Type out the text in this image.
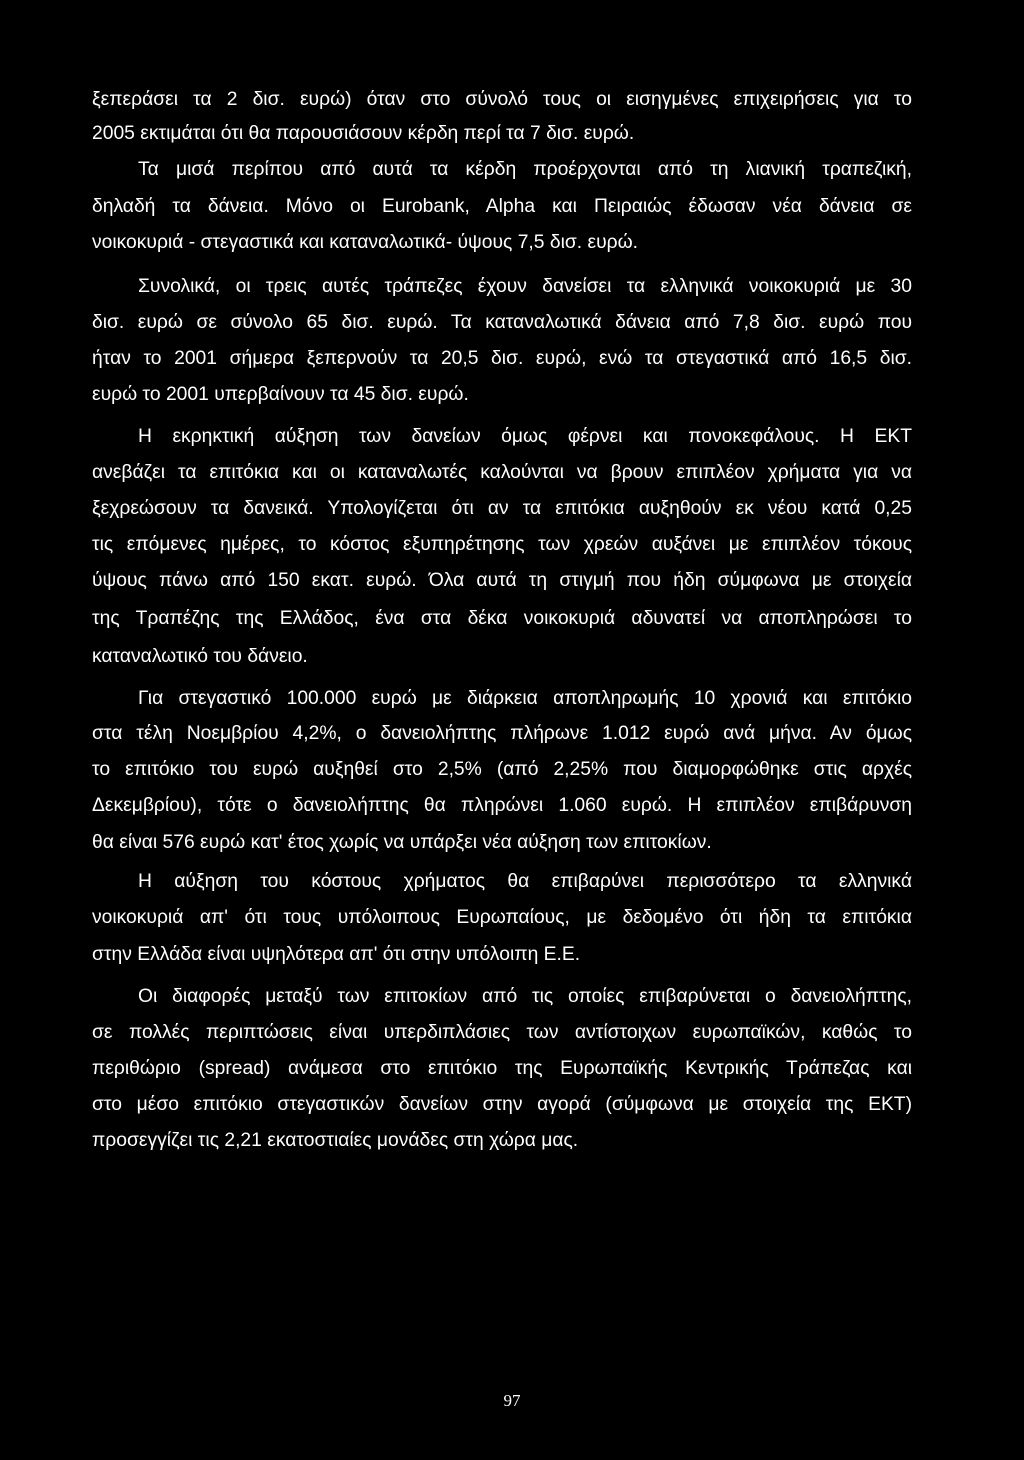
ξεπεράσει τα 2 δισ. ευρώ) όταν στο σύνολό τους οι εισηγμένες επιχειρήσεις για το

2005 εκτιμάται ότι θα παρουσιάσουν κέρδη περί τα 7 δισ. ευρώ.

Τα μισά περίπου από αυτά τα κέρδη προέρχονται από τη λιανική τραπεζική,

δηλαδή τα δάνεια. Μόνο οι Eurobank, Alpha και Πειραιώς έδωσαν νέα δάνεια σε

νοικοκυριά - στεγαστικά και καταναλωτικά- ύψους 7,5 δισ. ευρώ.

Συνολικά, οι τρεις αυτές τράπεζες έχουν δανείσει τα ελληνικά νοικοκυριά με 30

δισ. ευρώ σε σύνολο 65 δισ. ευρώ. Τα καταναλωτικά δάνεια από 7,8 δισ. ευρώ που

ήταν το 2001 σήμερα ξεπερνούν τα 20,5 δισ. ευρώ, ενώ τα στεγαστικά από 16,5 δισ.

ευρώ το 2001 υπερβαίνουν τα 45 δισ. ευρώ.

Η εκρηκτική αύξηση των δανείων όμως φέρνει και πονοκεφάλους. Η ΕΚΤ

ανεβάζει τα επιτόκια και οι καταναλωτές καλούνται να βρουν επιπλέον χρήματα για να

ξεχρεώσουν τα δανεικά. Υπολογίζεται ότι αν τα επιτόκια αυξηθούν εκ νέου κατά 0,25

τις επόμενες ημέρες, το κόστος εξυπηρέτησης των χρεών αυξάνει με επιπλέον τόκους

ύψους πάνω από 150 εκατ. ευρώ. Όλα αυτά τη στιγμή που ήδη σύμφωνα με στοιχεία

της Τραπέζης της Ελλάδος, ένα στα δέκα νοικοκυριά αδυνατεί να αποπληρώσει το

καταναλωτικό του δάνειο.

Για στεγαστικό 100.000 ευρώ με διάρκεια αποπληρωμής 10 χρονιά και επιτόκιο

στα τέλη Νοεμβρίου 4,2%, ο δανειολήπτης πλήρωνε 1.012 ευρώ ανά μήνα. Αν όμως

το επιτόκιο του ευρώ αυξηθεί στο 2,5% (από 2,25% που διαμορφώθηκε στις αρχές

Δεκεμβρίου), τότε ο δανειολήπτης θα πληρώνει 1.060 ευρώ. Η επιπλέον επιβάρυνση

θα είναι 576 ευρώ κατ' έτος χωρίς να υπάρξει νέα αύξηση των επιτοκίων.

Η αύξηση του κόστους χρήματος θα επιβαρύνει περισσότερο τα ελληνικά

νοικοκυριά απ' ότι τους υπόλοιπους Ευρωπαίους, με δεδομένο ότι ήδη τα επιτόκια

στην Ελλάδα είναι υψηλότερα απ' ότι στην υπόλοιπη Ε.Ε.

Οι διαφορές μεταξύ των επιτοκίων από τις οποίες επιβαρύνεται ο δανειολήπτης,

σε πολλές περιπτώσεις είναι υπερδιπλάσιες των αντίστοιχων ευρωπαϊκών, καθώς το

περιθώριο (spread) ανάμεσα στο επιτόκιο της Ευρωπαϊκής Κεντρικής Τράπεζας και

στο μέσο επιτόκιο στεγαστικών δανείων στην αγορά (σύμφωνα με στοιχεία της ΕΚΤ)

προσεγγίζει τις 2,21 εκατοστιαίες μονάδες στη χώρα μας.

97
